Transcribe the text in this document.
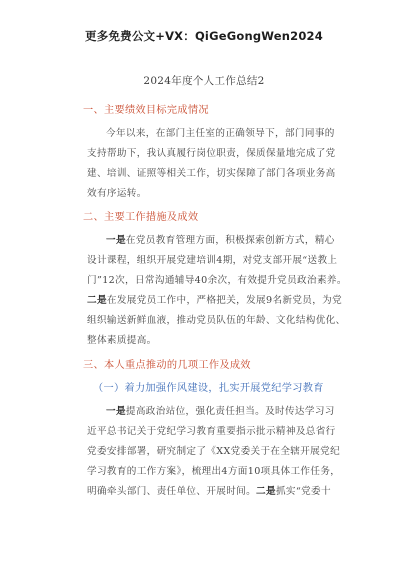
更多免费公文+VX：QiGeGongWen2024
2024年度个人工作总结2
一、主要绩效目标完成情况
今年以来，在部门主任室的正确领导下，部门同事的
支持帮助下，我认真履行岗位职责，保质保量地完成了党
建、培训、证照等相关工作，切实保障了部门各项业务高
效有序运转。
二、主要工作措施及成效
一是在党员教育管理方面，积极探索创新方式，精心
设计课程，组织开展党建培训4期，对党支部开展“送教上
门”12次，日常沟通辅导40余次，有效提升党员政治素养。
二是在发展党员工作中，严格把关，发展9名新党员，为党
组织输送新鲜血液，推动党员队伍的年龄、文化结构优化、
整体素质提高。
三、本人重点推动的几项工作及成效
（一）着力加强作风建设，扎实开展党纪学习教育
一是提高政治站位，强化责任担当。及时传达学习习
近平总书记关于党纪学习教育重要指示批示精神及总省行
党委安排部署，研究制定了《XX党委关于在全辖开展党纪
学习教育的工作方案》，梳理出4方面10项具体工作任务，
明确牵头部门、责任单位、开展时间。二是抓实“党委十
